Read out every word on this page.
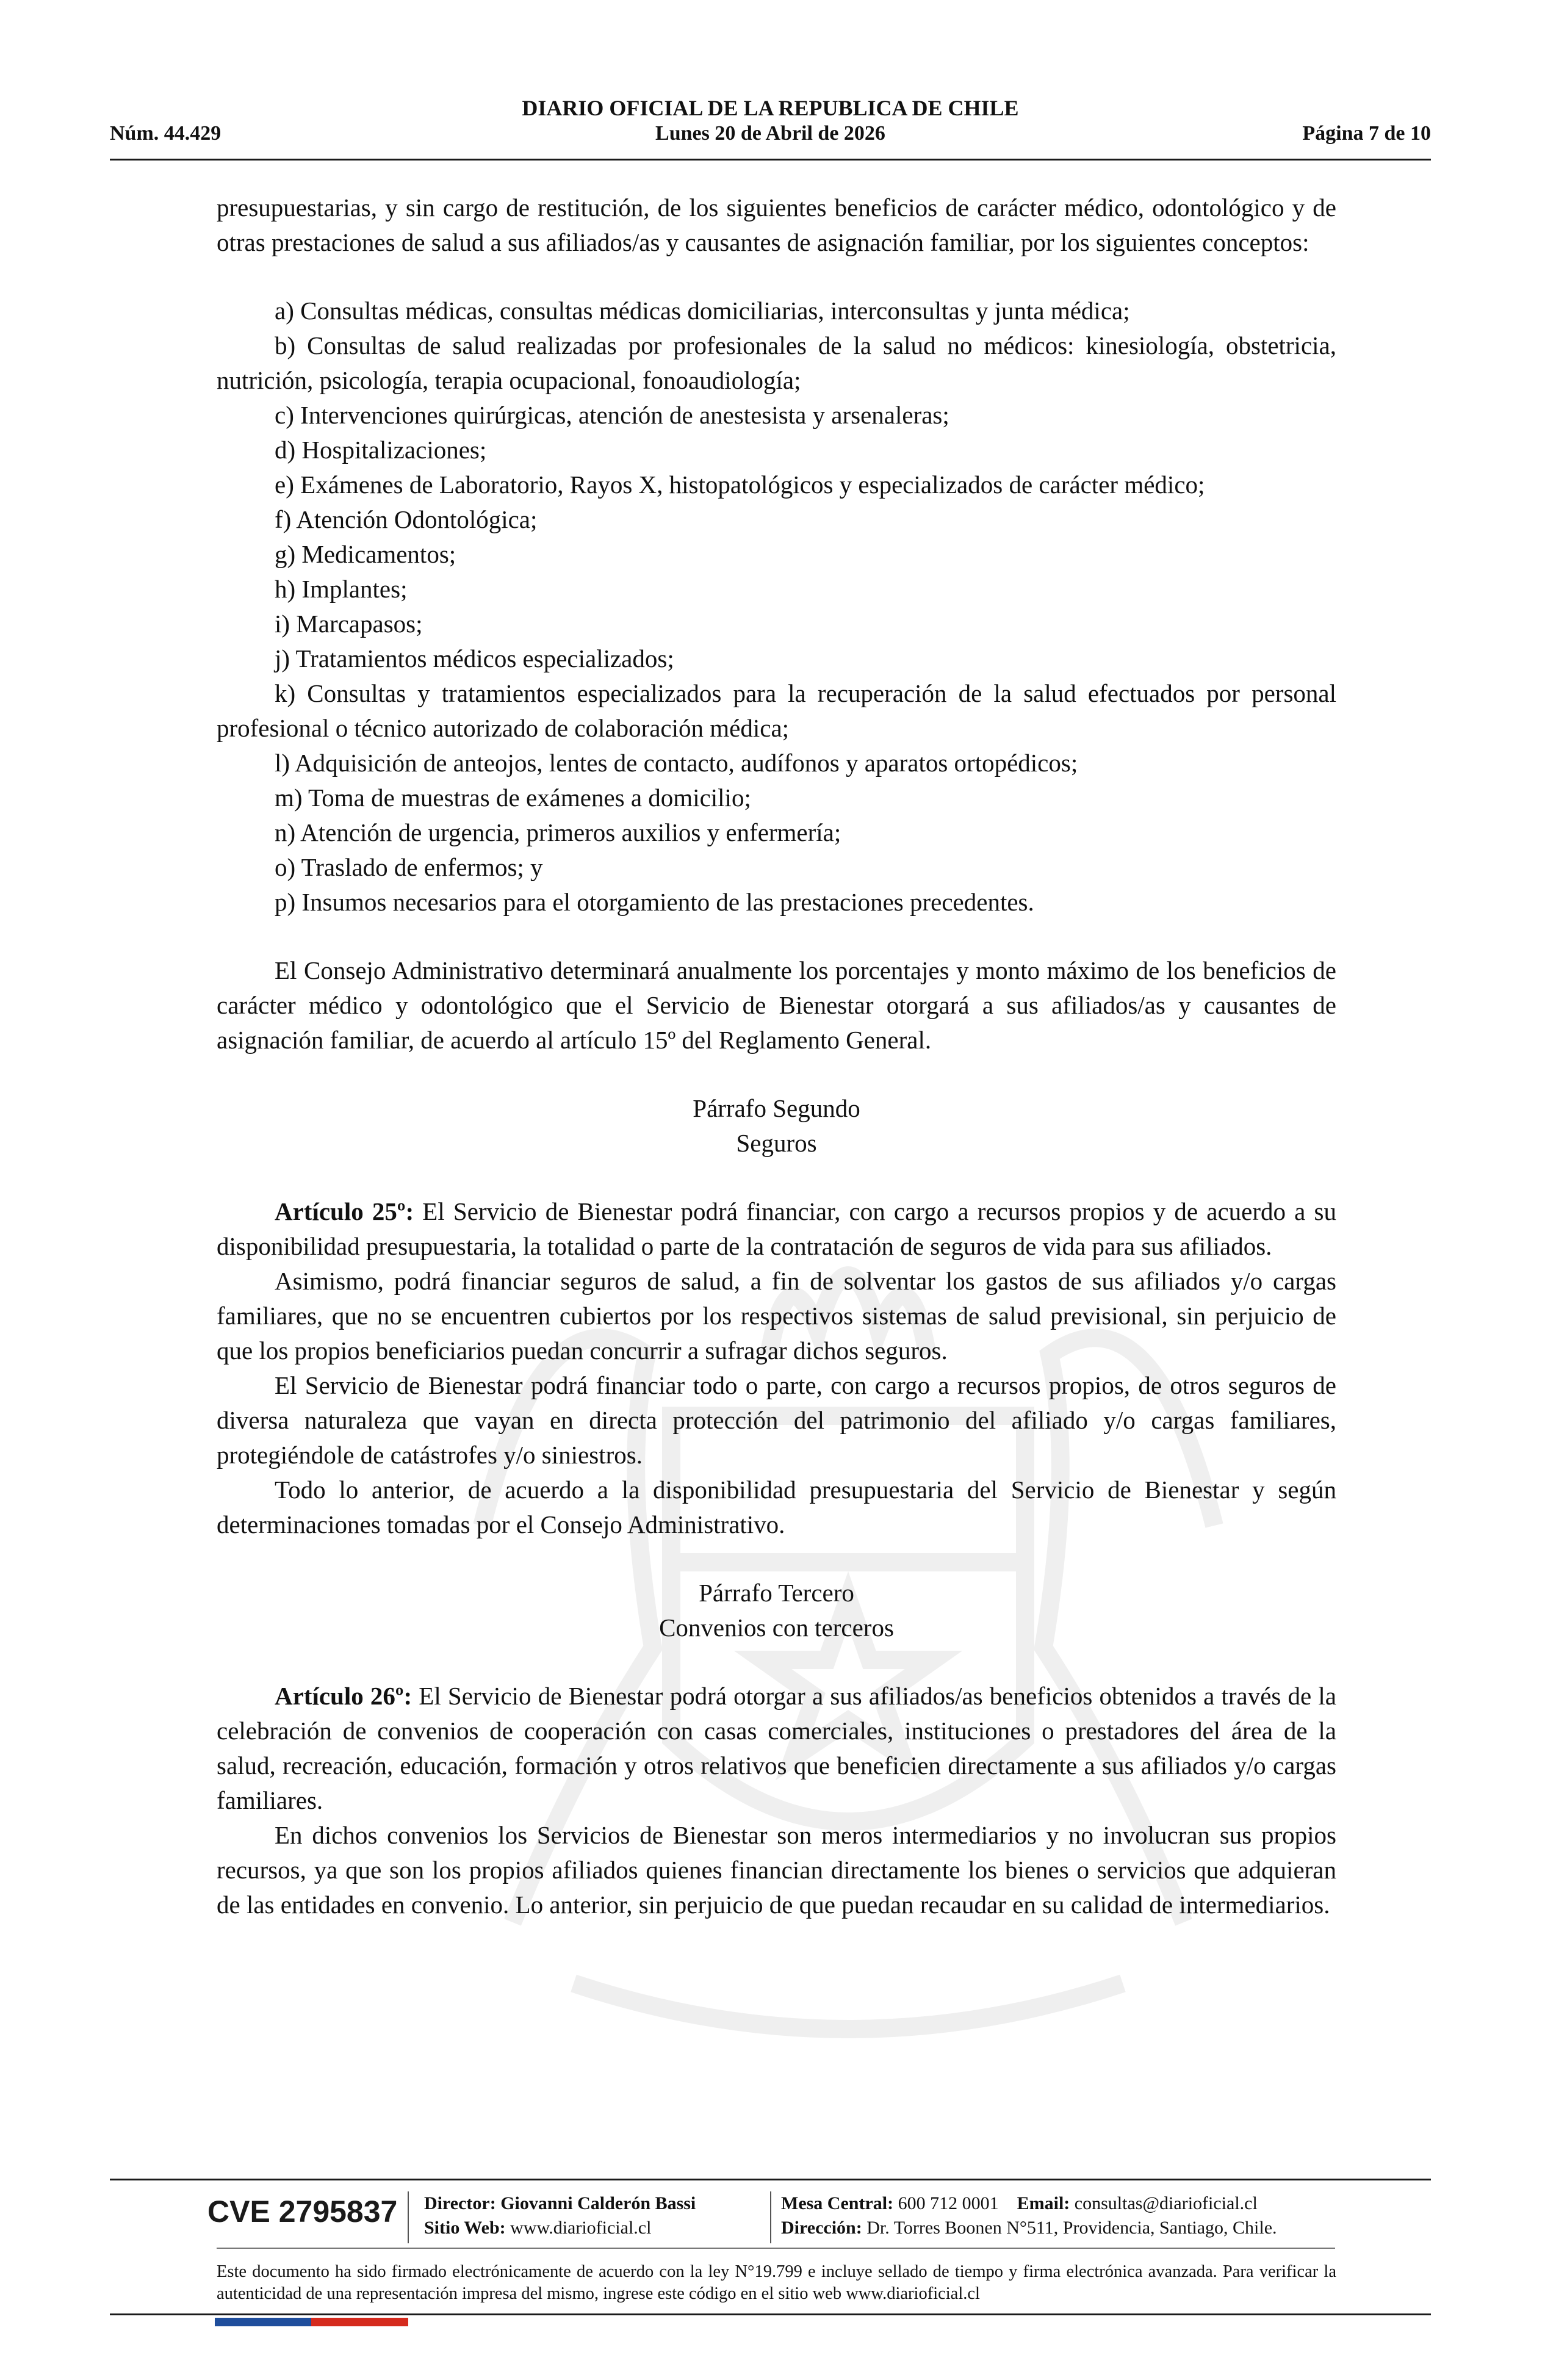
DIARIO OFICIAL DE LA REPUBLICA DE CHILE
Núm. 44.429	Lunes 20 de Abril de 2026	Página 7 de 10

presupuestarias, y sin cargo de restitución, de los siguientes beneficios de carácter médico, odontológico y de otras prestaciones de salud a sus afiliados/as y causantes de asignación familiar, por los siguientes conceptos:

a) Consultas médicas, consultas médicas domiciliarias, interconsultas y junta médica;

b) Consultas de salud realizadas por profesionales de la salud no médicos: kinesiología, obstetricia, nutrición, psicología, terapia ocupacional, fonoaudiología;

c) Intervenciones quirúrgicas, atención de anestesista y arsenaleras;

d) Hospitalizaciones;

e) Exámenes de Laboratorio, Rayos X, histopatológicos y especializados de carácter médico;

f) Atención Odontológica;

g) Medicamentos;

h) Implantes;

i) Marcapasos;

j) Tratamientos médicos especializados;

k) Consultas y tratamientos especializados para la recuperación de la salud efectuados por personal profesional o técnico autorizado de colaboración médica;

l) Adquisición de anteojos, lentes de contacto, audífonos y aparatos ortopédicos;

m) Toma de muestras de exámenes a domicilio;

n) Atención de urgencia, primeros auxilios y enfermería;

o) Traslado de enfermos; y

p) Insumos necesarios para el otorgamiento de las prestaciones precedentes.

El Consejo Administrativo determinará anualmente los porcentajes y monto máximo de los beneficios de carácter médico y odontológico que el Servicio de Bienestar otorgará a sus afiliados/as y causantes de asignación familiar, de acuerdo al artículo 15º del Reglamento General.

Párrafo Segundo

Seguros

Artículo 25º: El Servicio de Bienestar podrá financiar, con cargo a recursos propios y de acuerdo a su disponibilidad presupuestaria, la totalidad o parte de la contratación de seguros de vida para sus afiliados.

Asimismo, podrá financiar seguros de salud, a fin de solventar los gastos de sus afiliados y/o cargas familiares, que no se encuentren cubiertos por los respectivos sistemas de salud previsional, sin perjuicio de que los propios beneficiarios puedan concurrir a sufragar dichos seguros.

El Servicio de Bienestar podrá financiar todo o parte, con cargo a recursos propios, de otros seguros de diversa naturaleza que vayan en directa protección del patrimonio del afiliado y/o cargas familiares, protegiéndole de catástrofes y/o siniestros.

Todo lo anterior, de acuerdo a la disponibilidad presupuestaria del Servicio de Bienestar y según determinaciones tomadas por el Consejo Administrativo.

Párrafo Tercero

Convenios con terceros

Artículo 26º: El Servicio de Bienestar podrá otorgar a sus afiliados/as beneficios obtenidos a través de la celebración de convenios de cooperación con casas comerciales, instituciones o prestadores del área de la salud, recreación, educación, formación y otros relativos que beneficien directamente a sus afiliados y/o cargas familiares.

En dichos convenios los Servicios de Bienestar son meros intermediarios y no involucran sus propios recursos, ya que son los propios afiliados quienes financian directamente los bienes o servicios que adquieran de las entidades en convenio. Lo anterior, sin perjuicio de que puedan recaudar en su calidad de intermediarios.

CVE 2795837 Director: Giovanni Calderón Bassi
Sitio Web: www.diarioficial.cl
Mesa Central: 600 712 0001 Email: consultas@diarioficial.cl
Dirección: Dr. Torres Boonen N°511, Providencia, Santiago, Chile.
Este documento ha sido firmado electrónicamente de acuerdo con la ley N°19.799 e incluye sellado de tiempo y firma electrónica avanzada. Para verificar la autenticidad de una representación impresa del mismo, ingrese este código en el sitio web www.diarioficial.cl
